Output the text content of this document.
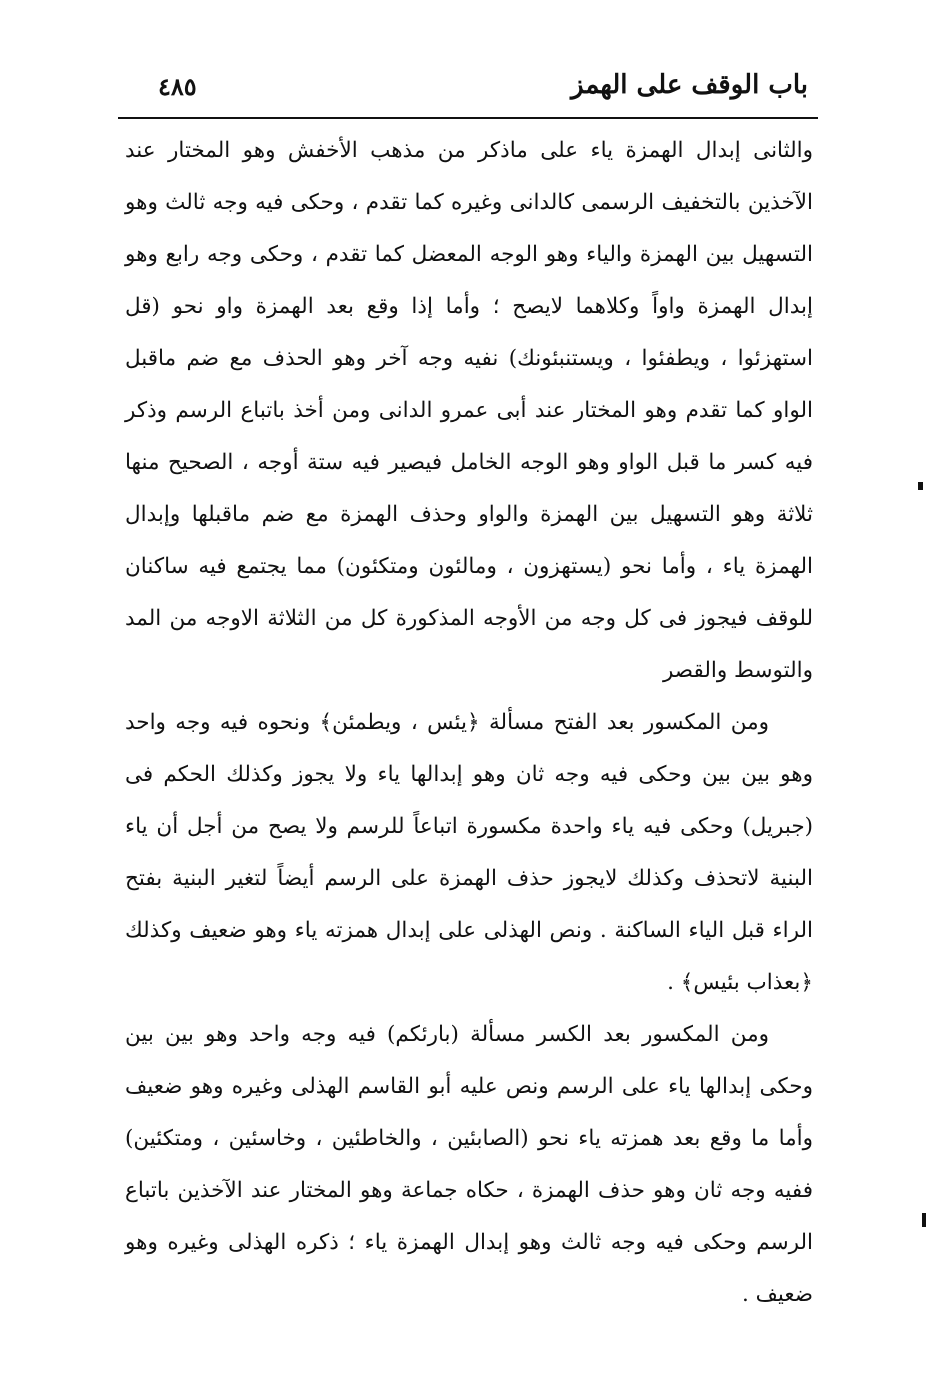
باب الوقف على الهمز
٤٨٥

والثانى إبدال الهمزة ياء على ماذكر من مذهب الأخفش وهو المختار عند الآخذين بالتخفيف الرسمى كالدانى وغيره كما تقدم ، وحكى فيه وجه ثالث وهو التسهيل بين الهمزة والياء وهو الوجه المعضل كما تقدم ، وحكى وجه رابع وهو إبدال الهمزة واواً وكلاهما لايصح ؛ وأما إذا وقع بعد الهمزة واو نحو (قل استهزئوا ، ويطفئوا ، ويستنبئونك) نفيه وجه آخر وهو الحذف مع ضم ماقبل الواو كما تقدم وهو المختار عند أبى عمرو الدانى ومن أخذ باتباع الرسم وذكر فيه كسر ما قبل الواو وهو الوجه الخامل فيصير فيه ستة أوجه ، الصحيح منها ثلاثة وهو التسهيل بين الهمزة والواو وحذف الهمزة مع ضم ماقبلها وإبدال الهمزة ياء ، وأما نحو (يستهزون ، ومالئون ومتكئون) مما يجتمع فيه ساكنان للوقف فيجوز فى كل وجه من الأوجه المذكورة كل من الثلاثة الاوجه من المد والتوسط والقصر

ومن المكسور بعد الفتح مسألة ﴿يئس ، ويطمئن﴾ ونحوه فيه وجه واحد وهو بين بين وحكى فيه وجه ثان وهو إبدالها ياء ولا يجوز وكذلك الحكم فى (جبريل) وحكى فيه ياء واحدة مكسورة اتباعاً للرسم ولا يصح من أجل أن ياء البنية لاتحذف وكذلك لايجوز حذف الهمزة على الرسم أيضاً لتغير البنية بفتح الراء قبل الياء الساكنة . ونص الهذلى على إبدال همزته ياء وهو ضعيف وكذلك ﴿بعذاب بئيس﴾ .

ومن المكسور بعد الكسر مسألة (بارئكم) فيه وجه واحد وهو بين بين وحكى إبدالها ياء على الرسم ونص عليه أبو القاسم الهذلى وغيره وهو ضعيف وأما ما وقع بعد همزته ياء نحو (الصابئين ، والخاطئين ، وخاسئين ، ومتكئين) ففيه وجه ثان وهو حذف الهمزة ، حكاه جماعة وهو المختار عند الآخذين باتباع الرسم وحكى فيه وجه ثالث وهو إبدال الهمزة ياء ؛ ذكره الهذلى وغيره وهو ضعيف .
